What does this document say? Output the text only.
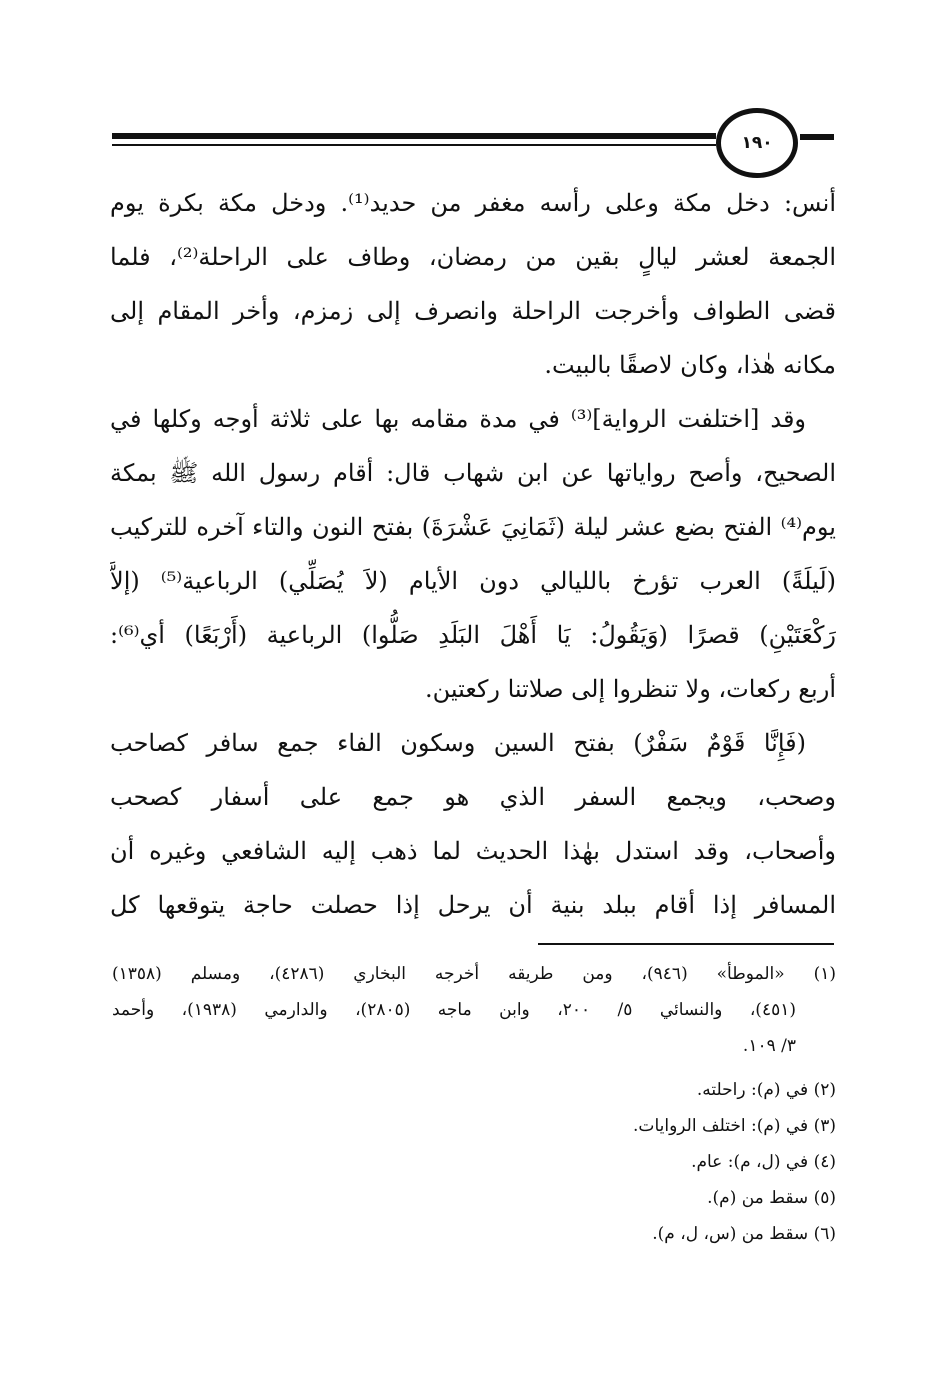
١٩٠
أنس: دخل مكة وعلى رأسه مغفر من حديد⁽¹⁾. ودخل مكة بكرة يوم
الجمعة لعشر ليالٍ بقين من رمضان، وطاف على الراحلة⁽²⁾، فلما
قضى الطواف وأخرجت الراحلة وانصرف إلى زمزم، وأخر المقام إلى
مكانه هٰذا، وكان لاصقًا بالبيت.
وقد [اختلفت الرواية]⁽³⁾ في مدة مقامه بها على ثلاثة أوجه وكلها في
الصحيح، وأصح رواياتها عن ابن شهاب قال: أقام رسول الله ﷺ بمكة
يوم⁽⁴⁾ الفتح بضع عشر ليلة (ثَمَانِيَ عَشْرَةَ) بفتح النون والتاء آخره للتركيب
(لَيلَةً) العرب تؤرخ بالليالي دون الأيام (لاَ يُصَلِّي) الرباعية⁽⁵⁾ (إلاَّ
رَكْعَتَيْنِ) قصرًا (وَيَقُولُ: يَا أَهْلَ البَلَدِ صَلُّوا) الرباعية (أَرْبَعًا) أي⁽⁶⁾:
أربع ركعات، ولا تنظروا إلى صلاتنا ركعتين.
(فَإِنَّا قَوْمٌ سَفْرٌ) بفتح السين وسكون الفاء جمع سافر كصاحب
وصحب، ويجمع السفر الذي هو جمع على أسفار كصحب
وأصحاب، وقد استدل بهٰذا الحديث لما ذهب إليه الشافعي وغيره أن
المسافر إذا أقام ببلد بنية أن يرحل إذا حصلت حاجة يتوقعها كل
(١) «الموطأ» (٩٤٦)، ومن طريقه أخرجه البخاري (٤٢٨٦)، ومسلم (١٣٥٨)
(٤٥١)، والنسائي ٥/ ٢٠٠، وابن ماجه (٢٨٠٥)، والدارمي (١٩٣٨)، وأحمد
٣/ ١٠٩.
(٢) في (م): راحلته.
(٣) في (م): اختلف الروايات.
(٤) في (ل، م): عام.
(٥) سقط من (م).
(٦) سقط من (س، ل، م).
